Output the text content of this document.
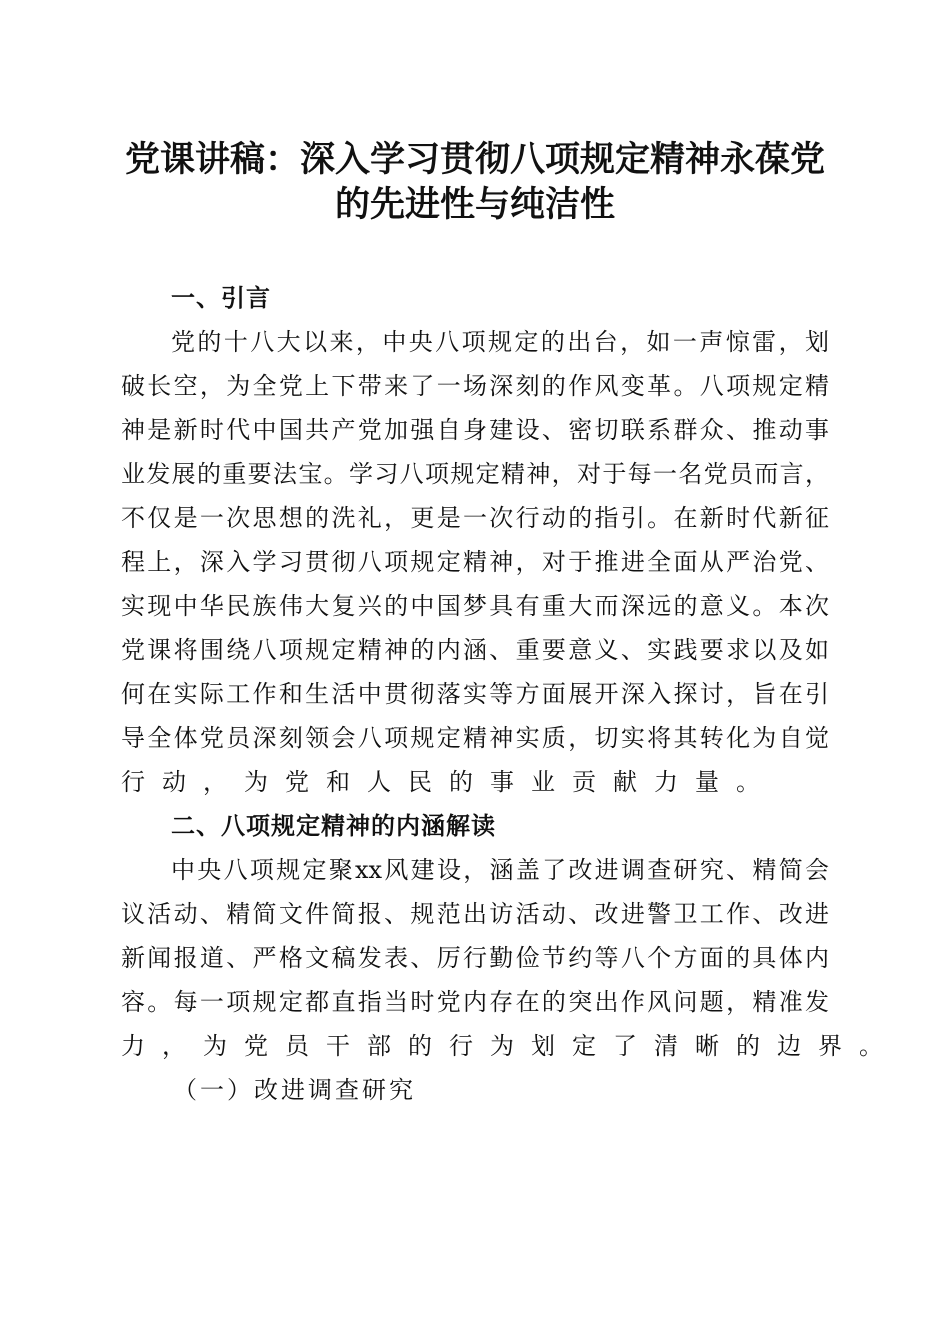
党课讲稿：深入学习贯彻八项规定精神永葆党
的先进性与纯洁性
一、引言
党的十八大以来，中央八项规定的出台，如一声惊雷，划
破长空，为全党上下带来了一场深刻的作风变革。八项规定精
神是新时代中国共产党加强自身建设、密切联系群众、推动事
业发展的重要法宝。学习八项规定精神，对于每一名党员而言，
不仅是一次思想的洗礼，更是一次行动的指引。在新时代新征
程上，深入学习贯彻八项规定精神，对于推进全面从严治党、
实现中华民族伟大复兴的中国梦具有重大而深远的意义。本次
党课将围绕八项规定精神的内涵、重要意义、实践要求以及如
何在实际工作和生活中贯彻落实等方面展开深入探讨，旨在引
导全体党员深刻领会八项规定精神实质，切实将其转化为自觉
行动，为党和人民的事业贡献力量。
二、八项规定精神的内涵解读
中央八项规定聚xx风建设，涵盖了改进调查研究、精简会
议活动、精简文件简报、规范出访活动、改进警卫工作、改进
新闻报道、严格文稿发表、厉行勤俭节约等八个方面的具体内
容。每一项规定都直指当时党内存在的突出作风问题，精准发
力，为党员干部的行为划定了清晰的边界。
（一）改进调查研究
